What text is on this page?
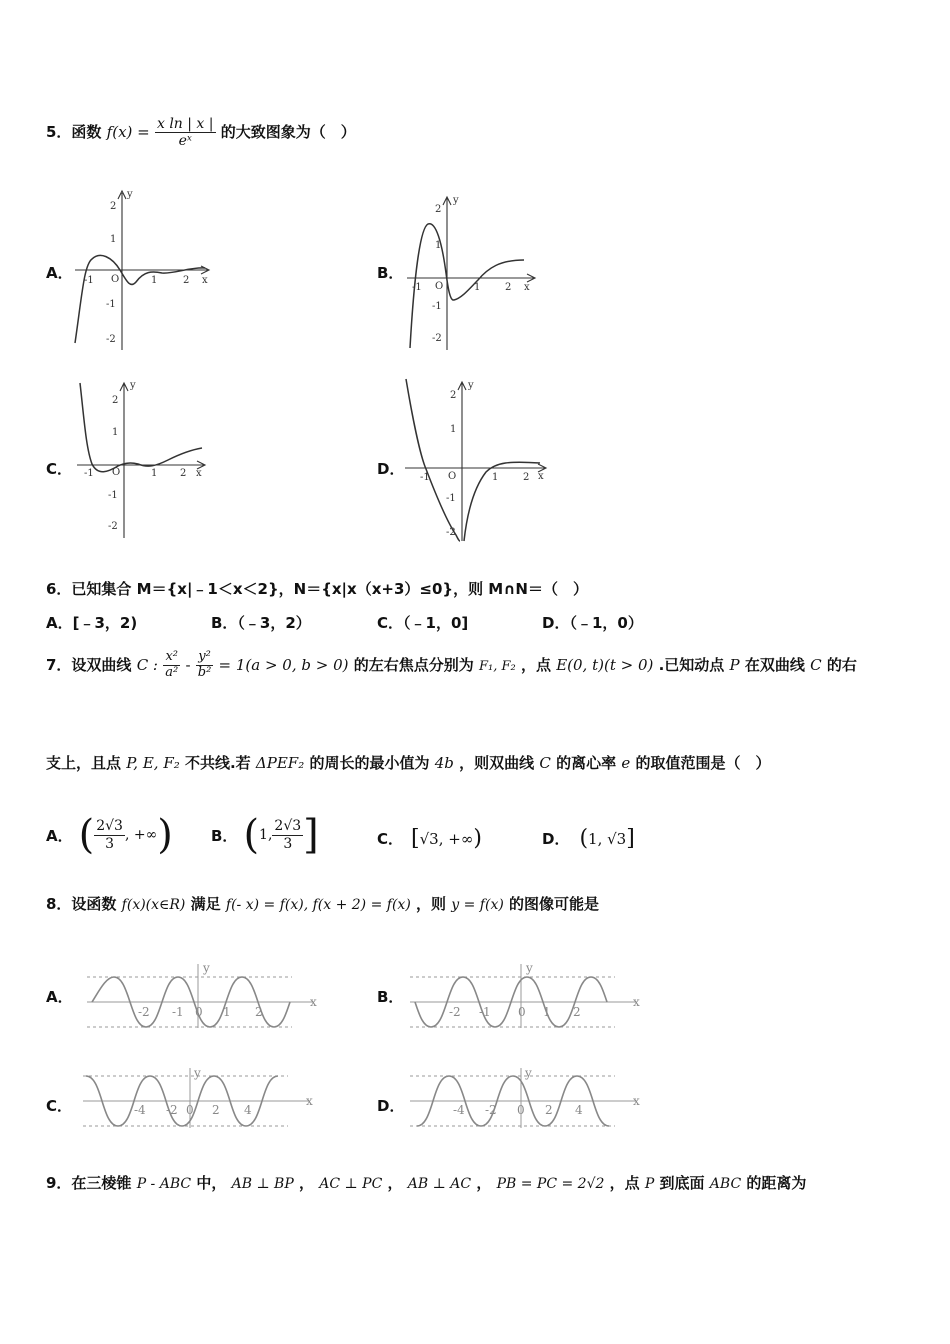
5．函数 $f(x) = \frac{\text{x ln | x |}}{\text{eˣ}}$ 的大致图象为（　）
A．	B．
C．	D．
y
x
O
-1	1	2
2
1
-1
-2
y
x
O
-1	1 2
2
1
-1
-2
y
x
O
-1	1 2
2
1
-1
-2
y
x
O
-1	1 2
2
1
-1
-2
6．已知集合 M＝{x|﹣1＜x＜2}，N＝{x|x（x+3）≤0}，则 M∩N＝（　）
A．[﹣3，2)	B．（﹣3，2）	C．（﹣1，0]	D．（﹣1，0）
7．设双曲线 C : $\frac{\text{x²}}{\text{a²}} - \frac{\text{y²}}{\text{b²}} = 1(a > 0$, b > 0) 的左右焦点分别为 F₁, F₂ ，点 E(0, t)(t > 0) .已知动点 P 在双曲线 C 的右
支上，且点 P, E, F₂ 不共线.若 ΔPEF₂ 的周长的最小值为 4b ，则双曲线 C 的离心率 e 的取值范围是（　）
A． ( $\frac{2√3}{3}$ , +∞ )	B． ( 1, $\frac{2√3}{3}$ ]	C． [ √3, +∞ )	D． ( 1, √3 ]
8．设函数 f(x)(x∈R) 满足 f(- x) = f(x), f(x + 2) = f(x) ，则 y = f(x) 的图像可能是
A．	B．
C．	D．
y
x
-2 -1 0 1 2
y
x
-2 -1 0 1 2
y
x
-4 -2 0 2 4
y
x
-4 -2 0 2 4
9．在三棱锥 P - ABC 中， AB ⊥ BP ， AC ⊥ PC ， AB ⊥ AC ， PB = PC = 2√2 ，点 P 到底面 ABC 的距离为
